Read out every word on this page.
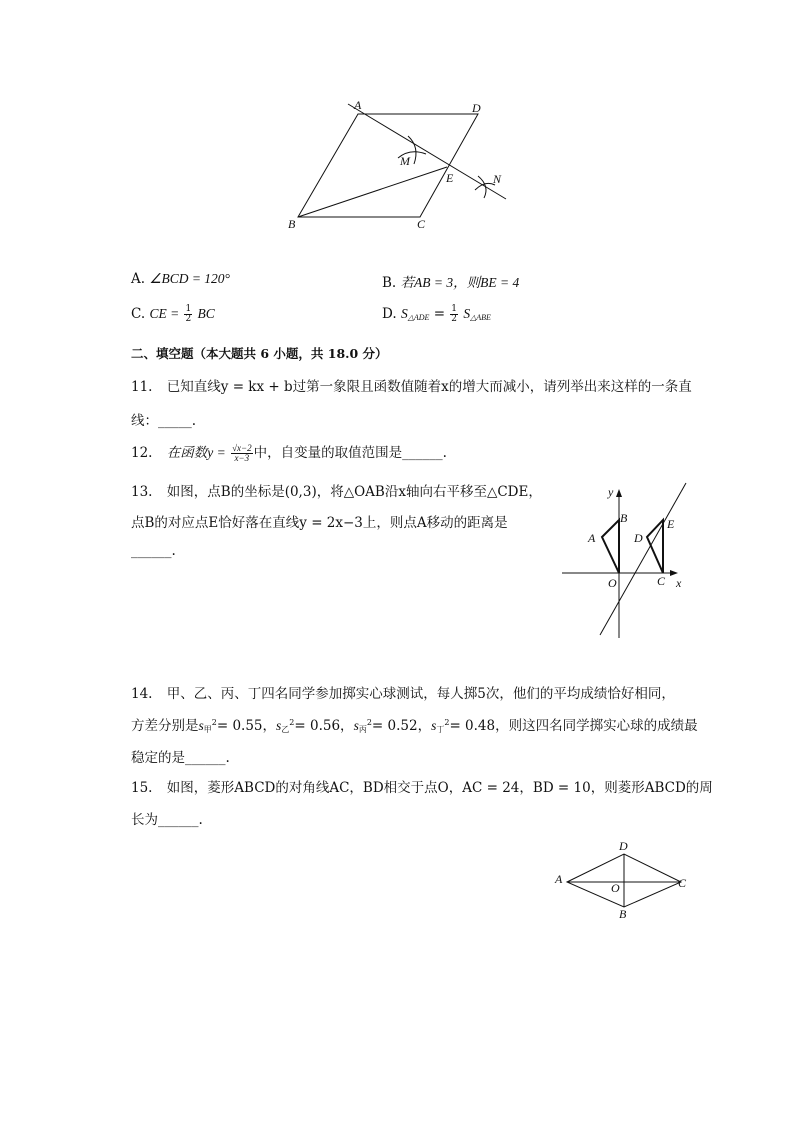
A	D
M
E	N
B	C
A. ∠BCD = 120°	B. 若AB = 3，则BE = 4
C. CE = $\frac{1}{2}$ BC	D. $S_{\triangle ADE} = \frac{1}{2} S_{\triangle ABE}$
二、填空题（本大题共 6 小题，共 18.0 分）
11. 已知直线y = kx + b过第一象限且函数值随着x的增大而减小，请列举出来这样的一条直
线：_____.
12. 在函数$y = \frac{√x-2}{x-3}$ 中，自变量的取值范围是______.
13. 如图，点B的坐标是(0,3)，将△OAB沿x轴向右平移至△CDE，
点B的对应点E恰好落在直线y = 2x−3上，则点A移动的距离是
______.
y
B
A
E
D
O	C x
14. 甲、乙、丙、丁四名同学参加掷实心球测试，每人掷5次，他们的平均成绩恰好相同，
方差分别是$s_甲^2= 0.55$，$s_乙^2= 0.56$，$s_丙^2= 0.52$，$s_丁^2= 0.48$，则这四名同学掷实心球的成绩最
稳定的是______.
15. 如图，菱形ABCD的对角线AC，BD相交于点O，AC = 24，BD = 10，则菱形ABCD的周
长为______.
D
A
O	C
B
